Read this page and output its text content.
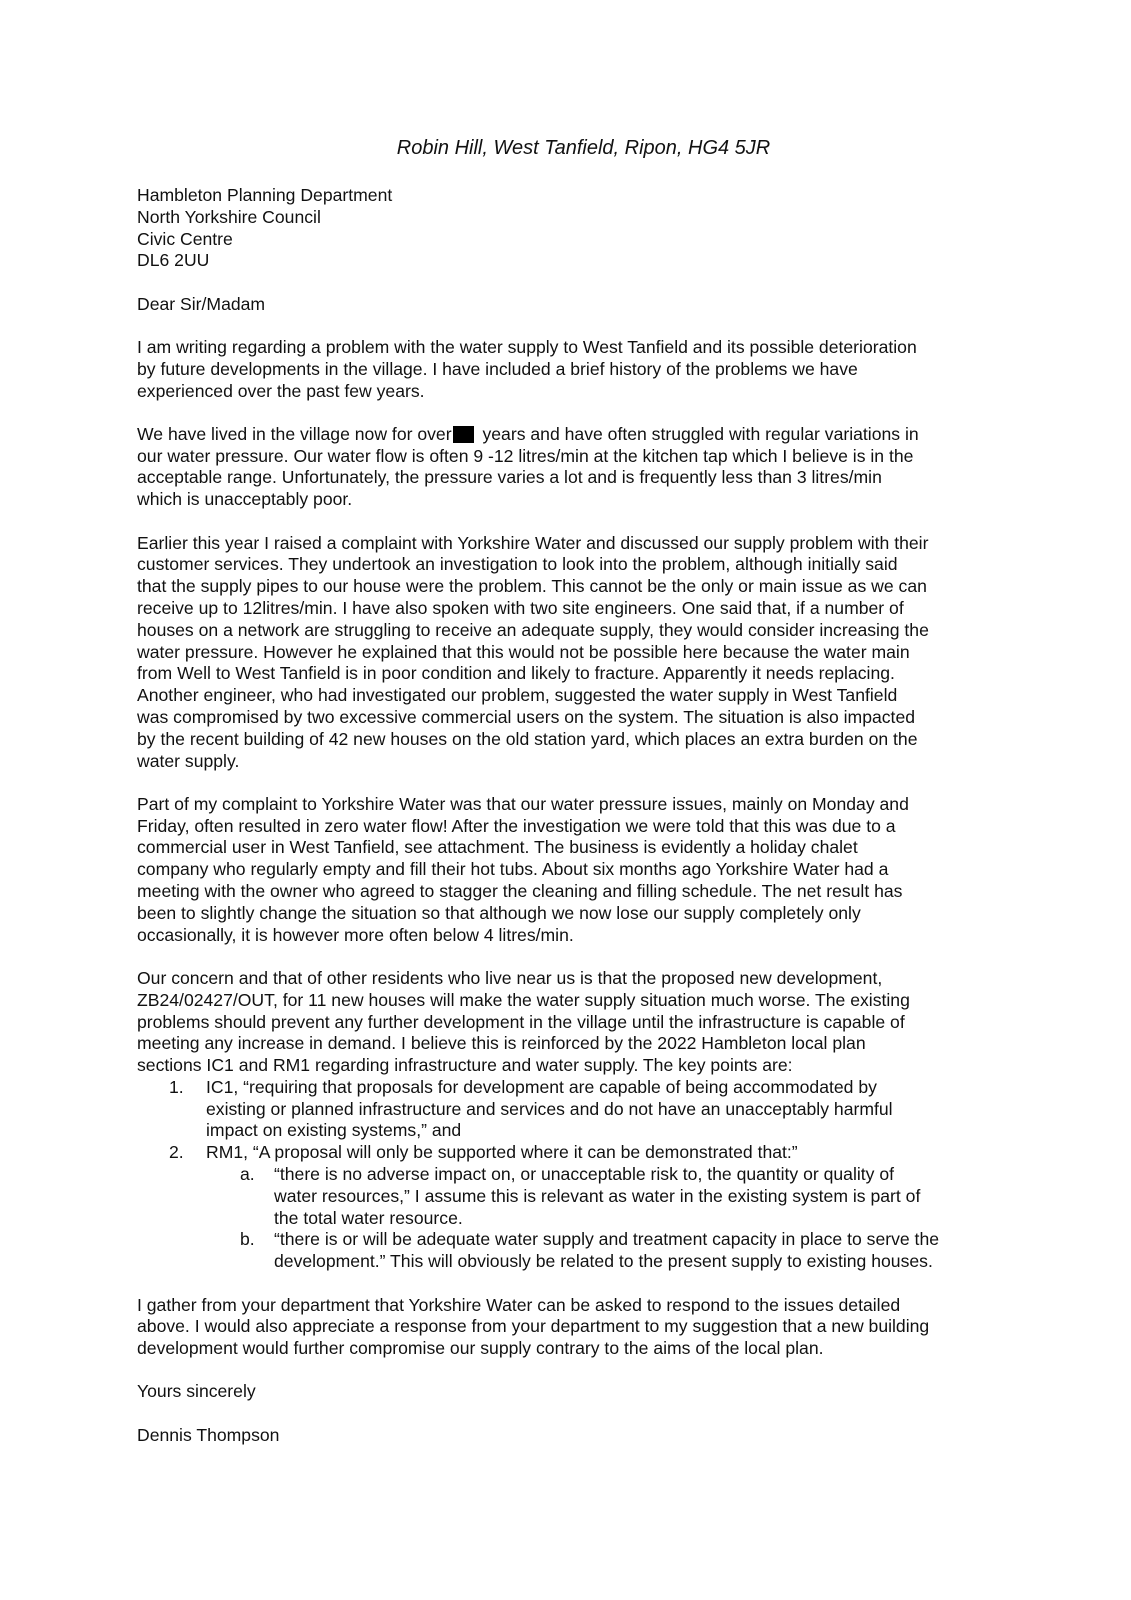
Robin Hill, West Tanfield, Ripon, HG4 5JR
Hambleton Planning Department
North Yorkshire Council
Civic Centre
DL6 2UU
Dear Sir/Madam
I am writing regarding a problem with the water supply to West Tanfield and its possible deterioration
by future developments in the village. I have included a brief history of the problems we have
experienced over the past few years.
We have lived in the village now for over years and have often struggled with regular variations in
our water pressure. Our water flow is often 9 -12 litres/min at the kitchen tap which I believe is in the
acceptable range. Unfortunately, the pressure varies a lot and is frequently less than 3 litres/min
which is unacceptably poor.
Earlier this year I raised a complaint with Yorkshire Water and discussed our supply problem with their
customer services. They undertook an investigation to look into the problem, although initially said
that the supply pipes to our house were the problem. This cannot be the only or main issue as we can
receive up to 12litres/min. I have also spoken with two site engineers. One said that, if a number of
houses on a network are struggling to receive an adequate supply, they would consider increasing the
water pressure. However he explained that this would not be possible here because the water main
from Well to West Tanfield is in poor condition and likely to fracture. Apparently it needs replacing.
Another engineer, who had investigated our problem, suggested the water supply in West Tanfield
was compromised by two excessive commercial users on the system. The situation is also impacted
by the recent building of 42 new houses on the old station yard, which places an extra burden on the
water supply.
Part of my complaint to Yorkshire Water was that our water pressure issues, mainly on Monday and
Friday, often resulted in zero water flow! After the investigation we were told that this was due to a
commercial user in West Tanfield, see attachment. The business is evidently a holiday chalet
company who regularly empty and fill their hot tubs. About six months ago Yorkshire Water had a
meeting with the owner who agreed to stagger the cleaning and filling schedule. The net result has
been to slightly change the situation so that although we now lose our supply completely only
occasionally, it is however more often below 4 litres/min.
Our concern and that of other residents who live near us is that the proposed new development,
ZB24/02427/OUT, for 11 new houses will make the water supply situation much worse. The existing
problems should prevent any further development in the village until the infrastructure is capable of
meeting any increase in demand. I believe this is reinforced by the 2022 Hambleton local plan
sections IC1 and RM1 regarding infrastructure and water supply. The key points are:
1. IC1, “requiring that proposals for development are capable of being accommodated by
existing or planned infrastructure and services and do not have an unacceptably harmful
impact on existing systems,” and
2. RM1, “A proposal will only be supported where it can be demonstrated that:”
a. “there is no adverse impact on, or unacceptable risk to, the quantity or quality of
water resources,” I assume this is relevant as water in the existing system is part of
the total water resource.
b. “there is or will be adequate water supply and treatment capacity in place to serve the
development.” This will obviously be related to the present supply to existing houses.
I gather from your department that Yorkshire Water can be asked to respond to the issues detailed
above. I would also appreciate a response from your department to my suggestion that a new building
development would further compromise our supply contrary to the aims of the local plan.
Yours sincerely
Dennis Thompson
